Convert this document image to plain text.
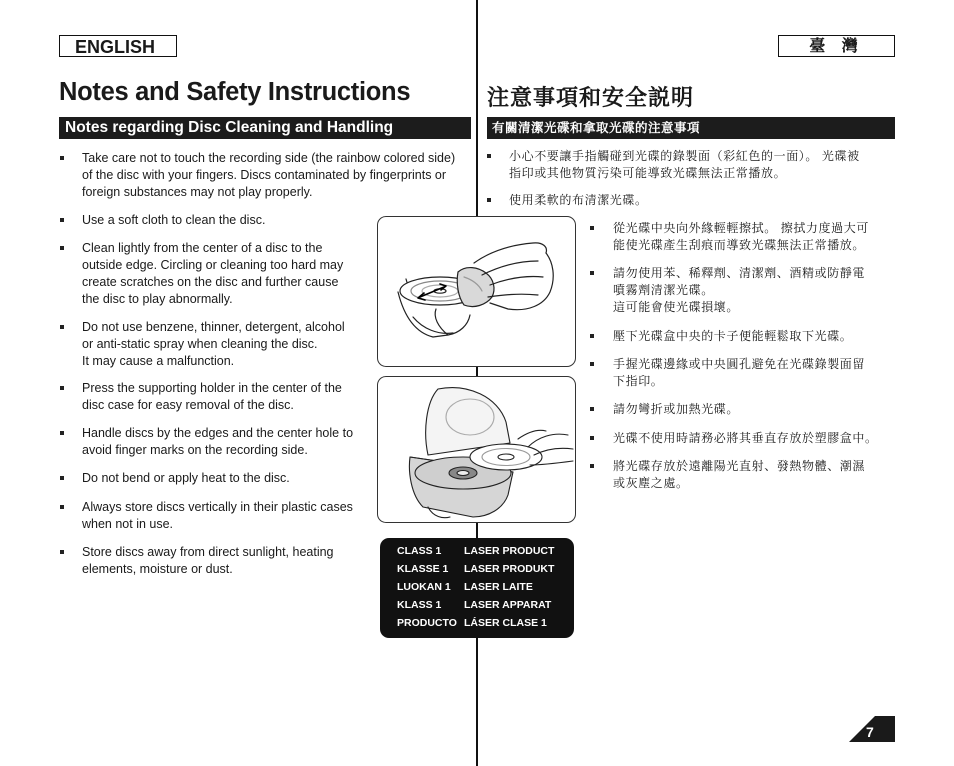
ENGLISH	臺 灣
Notes and Safety Instructions	注意事項和安全説明
Notes regarding Disc Cleaning and Handling	有關清潔光碟和拿取光碟的注意事項
Take care not to touch the recording side (the rainbow colored side)
of the disc with your fingers. Discs contaminated by fingerprints or
foreign substances may not play properly.
Use a soft cloth to clean the disc.
Clean lightly from the center of a disc to the
outside edge. Circling or cleaning too hard may
create scratches on the disc and further cause
the disc to play abnormally.
Do not use benzene, thinner, detergent, alcohol
or anti-static spray when cleaning the disc.
It may cause a malfunction.
Press the supporting holder in the center of the
disc case for easy removal of the disc.
Handle discs by the edges and the center hole to
avoid finger marks on the recording side.
Do not bend or apply heat to the disc.
Always store discs vertically in their plastic cases
when not in use.
Store discs away from direct sunlight, heating
elements, moisture or dust.
小心不要讓手指觸碰到光碟的錄製面（彩紅色的一面）。 光碟被
指印或其他物質污染可能導致光碟無法正常播放。
使用柔軟的布清潔光碟。
從光碟中央向外緣輕輕擦拭。 擦拭力度過大可
能使光碟產生刮痕而導致光碟無法正常播放。
請勿使用苯、稀釋劑、清潔劑、酒精或防靜電
噴霧劑清潔光碟。
這可能會使光碟損壞。
壓下光碟盒中央的卡子便能輕鬆取下光碟。
手握光碟邊緣或中央圓孔避免在光碟錄製面留
下指印。
請勿彎折或加熱光碟。
光碟不使用時請務必將其垂直存放於塑膠盒中。
將光碟存放於遠離陽光直射、發熱物體、潮濕
或灰塵之處。
CLASS 1 LASER PRODUCT
KLASSE 1 LASER PRODUKT
LUOKAN 1 LASER LAITE
KLASS 1 LASER APPARAT
PRODUCTO LÁSER CLASE 1
7
